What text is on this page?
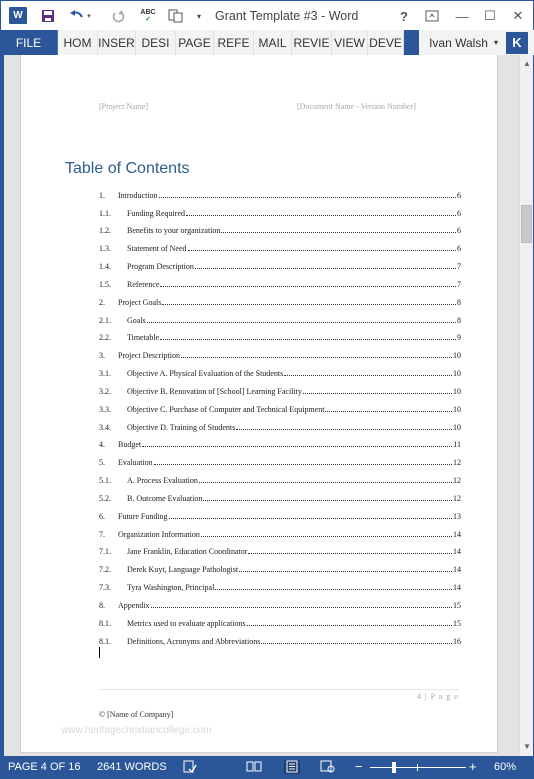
W	▾
ABC
✓	▾	Grant Template #3 - Word	?	—	☐	✕
FILE	HOM INSER DESI PAGE REFE MAIL REVIE VIEW DEVE Ivan Walsh ▾	K
[Project Name]	[Document Name - Version Number]
Table of Contents
1.	Introduction	6
1.1.	Funding Required	6
1.2.	Benefits to your organization	6
1.3.	Statement of Need	6
1.4.	Program Description	7
1.5.	Reference	7
2.	Project Goals	8
2.1.	Goals	8
2.2.	Timetable	9
3.	Project Description	10
3.1.	Objective A. Physical Evaluation of the Students	10
3.2.	Objective B. Renovation of [School] Learning Facility	10
3.3.	Objective C. Purchase of Computer and Technical Equipment	10
3.4.	Objective D. Training of Students	10
4.	Budget	11
5.	Evaluation	12
5.1.	A. Process Evaluation	12
5.2.	B. Outcome Evaluation	12
6.	Future Funding	13
7.	Organization Information	14
7.1.	Jane Franklin, Education Coordinator	14
7.2.	Derek Kuyt, Language Pathologist	14
7.3.	Tyra Washington, Principal	14
8.	Appendix	15
8.1.	Metrics used to evaluate applications	15
8.1.	Definitions, Acronyms and Abbreviations	16
4 | P a g e
© [Name of Company]
www.heritagechristiancollege.com
▲
▼
PAGE 4 OF 16 2641 WORDS	−	+ 60%
